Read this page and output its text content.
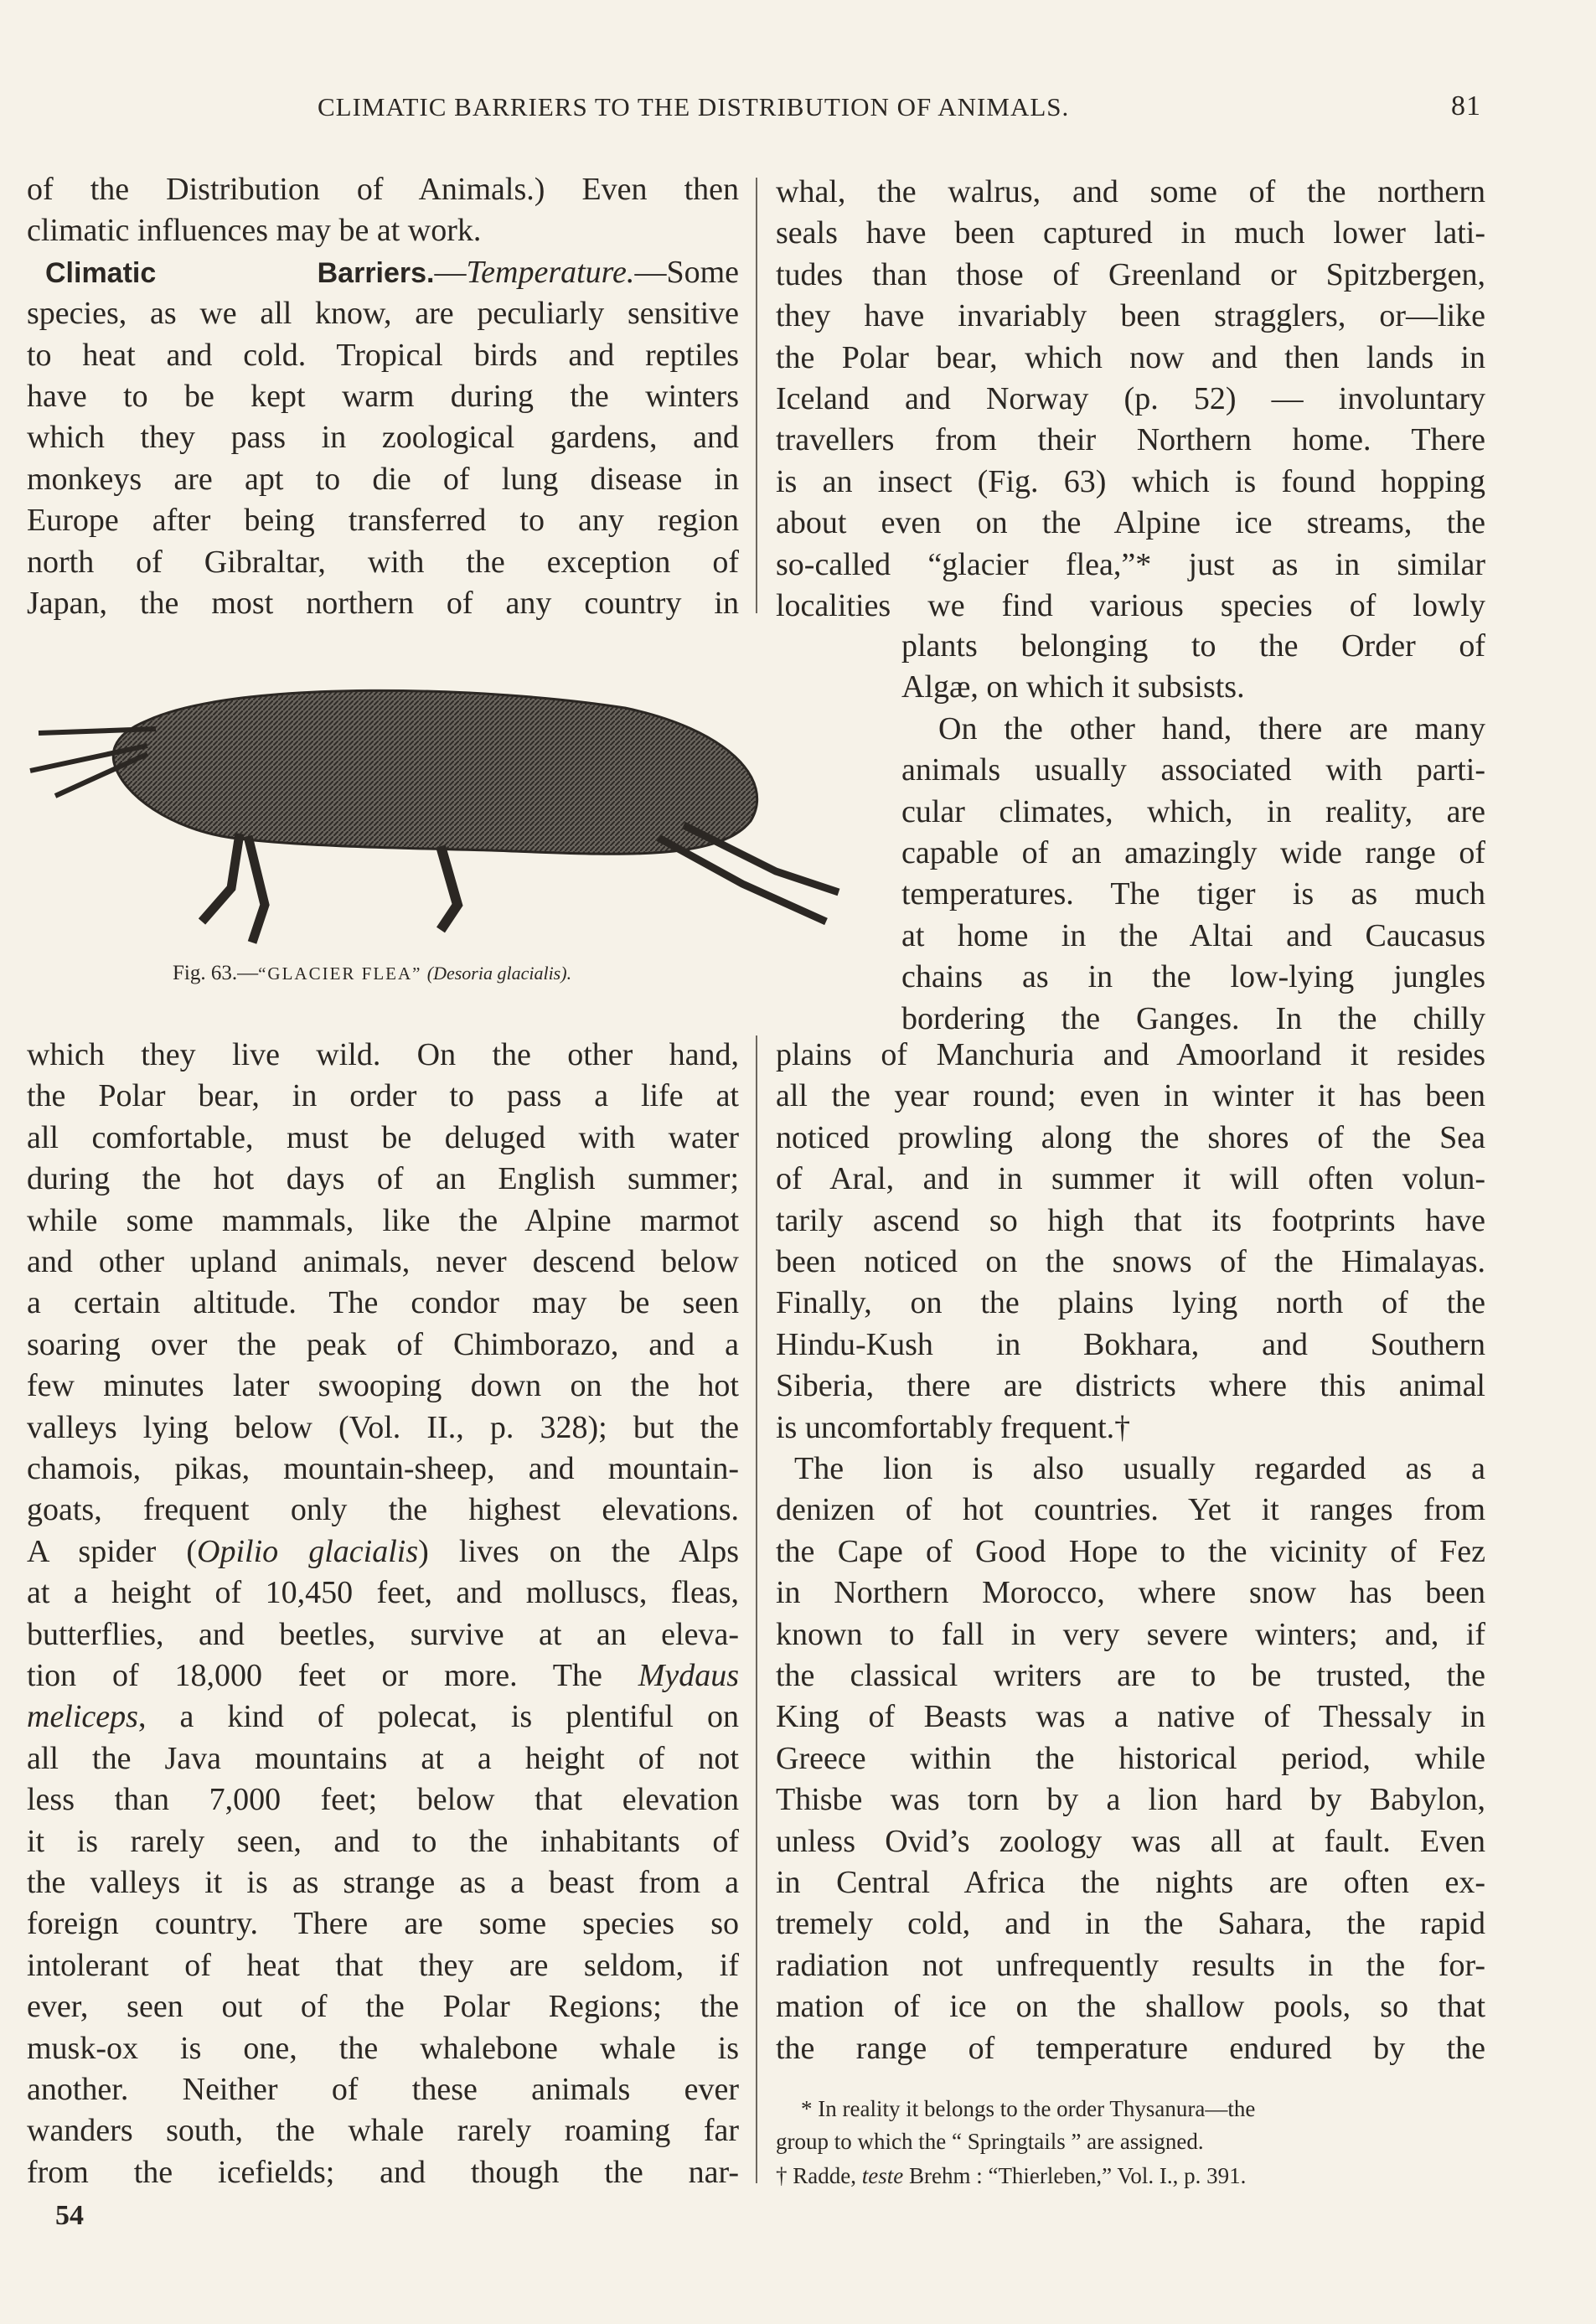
CLIMATIC BARRIERS TO THE DISTRIBUTION OF ANIMALS.	81
of the Distribution of Animals.) Even then
climatic influences may be at work.
Climatic Barriers.—Temperature.—Some
species, as we all know, are peculiarly sensitive
to heat and cold. Tropical birds and reptiles
have to be kept warm during the winters
which they pass in zoological gardens, and
monkeys are apt to die of lung disease in
Europe after being transferred to any region
north of Gibraltar, with the exception of
Japan, the most northern of any country in
which they live wild. On the other hand,
the Polar bear, in order to pass a life at
all comfortable, must be deluged with water
during the hot days of an English summer;
while some mammals, like the Alpine marmot
and other upland animals, never descend below
a certain altitude. The condor may be seen
soaring over the peak of Chimborazo, and a
few minutes later swooping down on the hot
valleys lying below (Vol. II., p. 328); but the
chamois, pikas, mountain-sheep, and mountain-
goats, frequent only the highest elevations.
A spider (Opilio glacialis) lives on the Alps
at a height of 10,450 feet, and molluscs, fleas,
butterflies, and beetles, survive at an eleva-
tion of 18,000 feet or more. The Mydaus
meliceps, a kind of polecat, is plentiful on
all the Java mountains at a height of not
less than 7,000 feet; below that elevation
it is rarely seen, and to the inhabitants of
the valleys it is as strange as a beast from a
foreign country. There are some species so
intolerant of heat that they are seldom, if
ever, seen out of the Polar Regions; the
musk-ox is one, the whalebone whale is
another. Neither of these animals ever
wanders south, the whale rarely roaming far
from the icefields; and though the nar-
whal, the walrus, and some of the northern
seals have been captured in much lower lati-
tudes than those of Greenland or Spitzbergen,
they have invariably been stragglers, or—like
the Polar bear, which now and then lands in
Iceland and Norway (p. 52) — involuntary
travellers from their Northern home. There
is an insect (Fig. 63) which is found hopping
about even on the Alpine ice streams, the
so-called “glacier flea,”* just as in similar
localities we find various species of lowly
plants belonging to the Order of
Algæ, on which it subsists.
On the other hand, there are many
animals usually associated with parti-
cular climates, which, in reality, are
capable of an amazingly wide range of
temperatures. The tiger is as much
at home in the Altai and Caucasus
chains as in the low-lying jungles
bordering the Ganges. In the chilly
plains of Manchuria and Amoorland it resides
all the year round; even in winter it has been
noticed prowling along the shores of the Sea
of Aral, and in summer it will often volun-
tarily ascend so high that its footprints have
been noticed on the snows of the Himalayas.
Finally, on the plains lying north of the
Hindu-Kush in Bokhara, and Southern
Siberia, there are districts where this animal
is uncomfortably frequent.†
The lion is also usually regarded as a
denizen of hot countries. Yet it ranges from
the Cape of Good Hope to the vicinity of Fez
in Northern Morocco, where snow has been
known to fall in very severe winters; and, if
the classical writers are to be trusted, the
King of Beasts was a native of Thessaly in
Greece within the historical period, while
Thisbe was torn by a lion hard by Babylon,
unless Ovid’s zoology was all at fault. Even
in Central Africa the nights are often ex-
tremely cold, and in the Sahara, the rapid
radiation not unfrequently results in the for-
mation of ice on the shallow pools, so that
the range of temperature endured by the
Fig. 63.—“GLACIER FLEA” (Desoria glacialis).
* In reality it belongs to the order Thysanura—the
group to which the “ Springtails ” are assigned.
† Radde, teste Brehm : “Thierleben,” Vol. I., p. 391.
54
